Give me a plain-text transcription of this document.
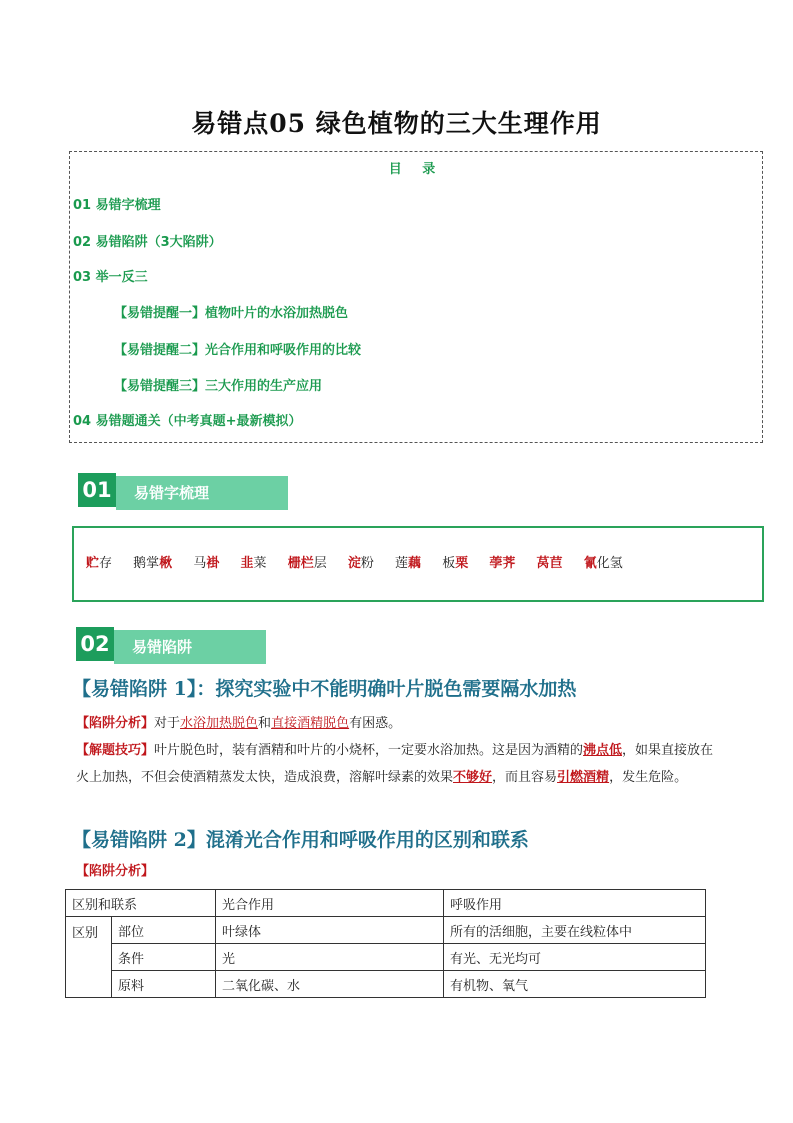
易错点05 绿色植物的三大生理作用
目 录
01 易错字梳理
02 易错陷阱（3大陷阱）
03 举一反三
【易错提醒一】植物叶片的水浴加热脱色
【易错提醒二】光合作用和呼吸作用的比较
【易错提醒三】三大作用的生产应用
04 易错题通关（中考真题+最新模拟）
01	易错字梳理
贮存 鹅掌楸 马褂 韭菜 栅栏层 淀粉 莲藕 板栗 荸荠 莴苣 氰化氢
02	易错陷阱
【易错陷阱 1】：探究实验中不能明确叶片脱色需要隔水加热
【陷阱分析】对于水浴加热脱色和直接酒精脱色有困惑。
【解题技巧】叶片脱色时，装有酒精和叶片的小烧杯，一定要水浴加热。这是因为酒精的沸点低，如果直接放在火上加热，不但会使酒精蒸发太快，造成浪费，溶解叶绿素的效果不够好，而且容易引燃酒精，发生危险。
【易错陷阱 2】混淆光合作用和呼吸作用的区别和联系
【陷阱分析】
区别和联系		光合作用	呼吸作用
区别	部位	叶绿体	所有的活细胞，主要在线粒体中
	条件	光	有光、无光均可
	原料	二氧化碳、水	有机物、氧气
